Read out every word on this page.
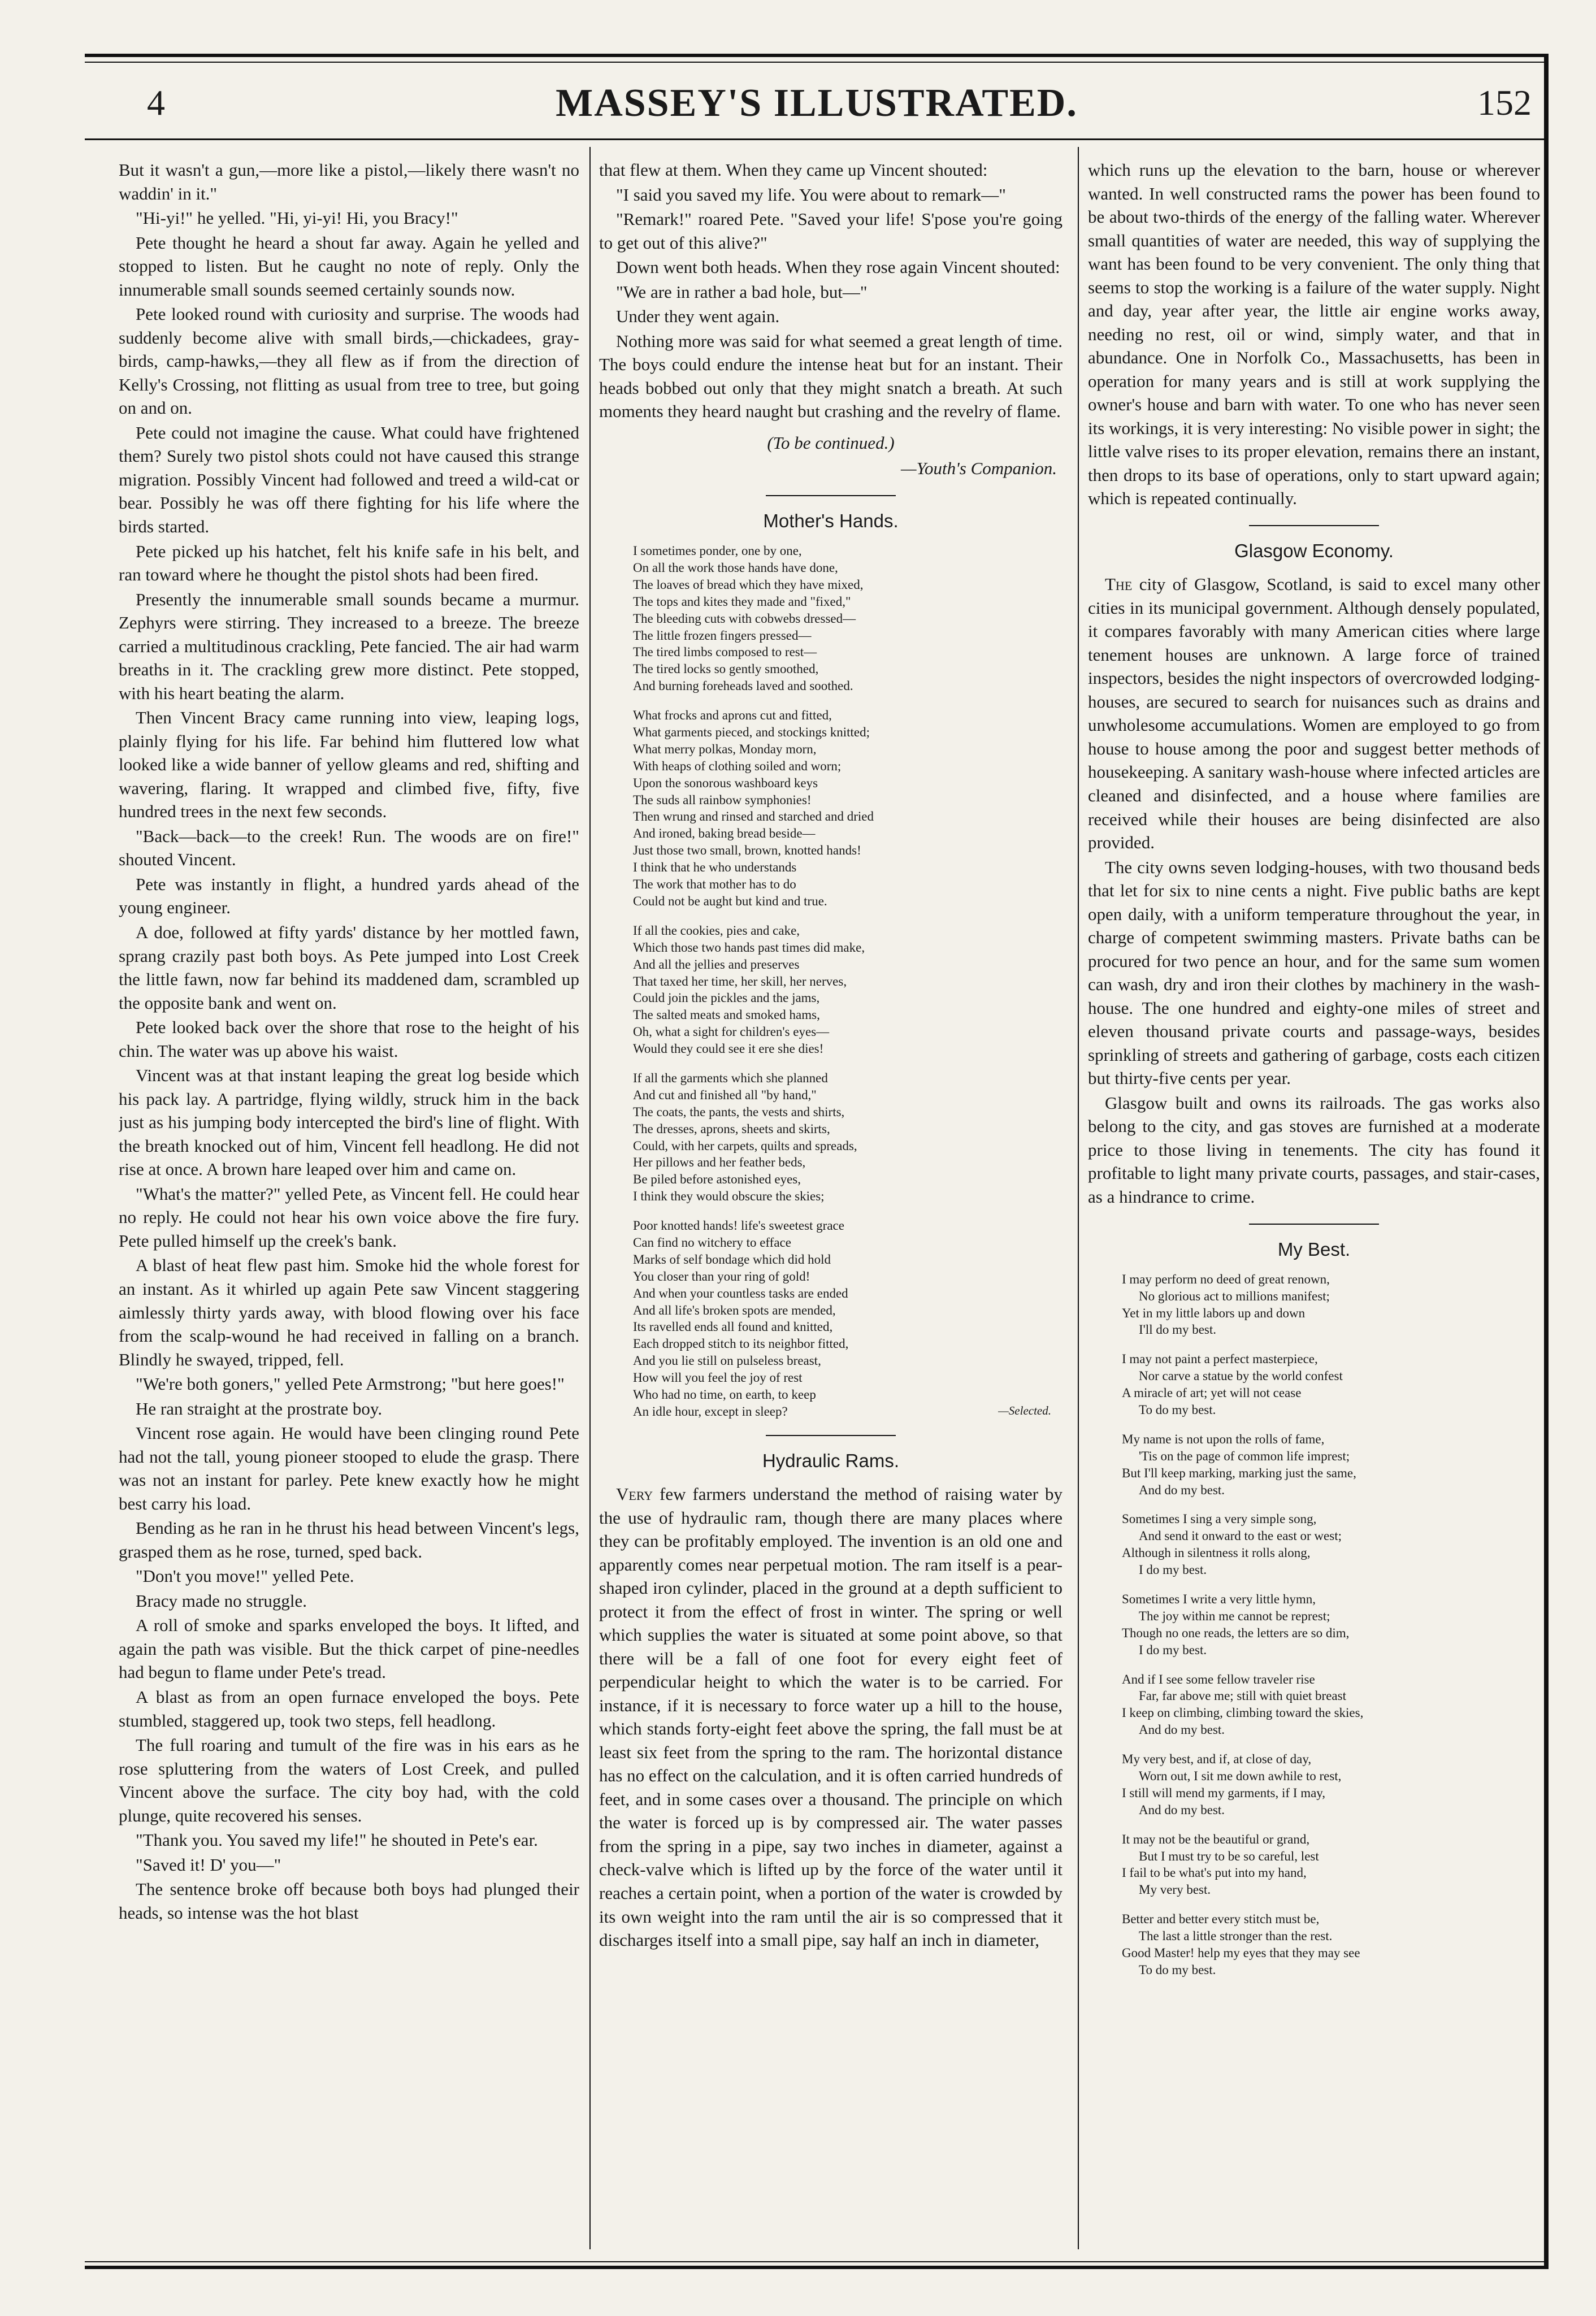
4	MASSEY'S ILLUSTRATED.	152

But it wasn't a gun,—more like a pistol,—likely there wasn't no waddin' in it."

"Hi-yi!" he yelled. "Hi, yi-yi! Hi, you Bracy!"

Pete thought he heard a shout far away. Again he yelled and stopped to listen. But he caught no note of reply. Only the innumerable small sounds seemed certainly sounds now.

Pete looked round with curiosity and surprise. The woods had suddenly become alive with small birds,—chickadees, gray-birds, camp-hawks,—they all flew as if from the direction of Kelly's Crossing, not flitting as usual from tree to tree, but going on and on.

Pete could not imagine the cause. What could have frightened them? Surely two pistol shots could not have caused this strange migration. Possibly Vincent had followed and treed a wild-cat or bear. Possibly he was off there fighting for his life where the birds started.

Pete picked up his hatchet, felt his knife safe in his belt, and ran toward where he thought the pistol shots had been fired.

Presently the innumerable small sounds became a murmur. Zephyrs were stirring. They increased to a breeze. The breeze carried a multitudinous crackling, Pete fancied. The air had warm breaths in it. The crackling grew more distinct. Pete stopped, with his heart beating the alarm.

Then Vincent Bracy came running into view, leaping logs, plainly flying for his life. Far behind him fluttered low what looked like a wide banner of yellow gleams and red, shifting and wavering, flaring. It wrapped and climbed five, fifty, five hundred trees in the next few seconds.

"Back—back—to the creek! Run. The woods are on fire!" shouted Vincent.

Pete was instantly in flight, a hundred yards ahead of the young engineer.

A doe, followed at fifty yards' distance by her mottled fawn, sprang crazily past both boys. As Pete jumped into Lost Creek the little fawn, now far behind its maddened dam, scrambled up the opposite bank and went on.

Pete looked back over the shore that rose to the height of his chin. The water was up above his waist.

Vincent was at that instant leaping the great log beside which his pack lay. A partridge, flying wildly, struck him in the back just as his jumping body intercepted the bird's line of flight. With the breath knocked out of him, Vincent fell headlong. He did not rise at once. A brown hare leaped over him and came on.

"What's the matter?" yelled Pete, as Vincent fell. He could hear no reply. He could not hear his own voice above the fire fury. Pete pulled himself up the creek's bank.

A blast of heat flew past him. Smoke hid the whole forest for an instant. As it whirled up again Pete saw Vincent staggering aimlessly thirty yards away, with blood flowing over his face from the scalp-wound he had received in falling on a branch. Blindly he swayed, tripped, fell.

"We're both goners," yelled Pete Armstrong; "but here goes!"

He ran straight at the prostrate boy.

Vincent rose again. He would have been clinging round Pete had not the tall, young pioneer stooped to elude the grasp. There was not an instant for parley. Pete knew exactly how he might best carry his load.

Bending as he ran in he thrust his head between Vincent's legs, grasped them as he rose, turned, sped back.

"Don't you move!" yelled Pete.

Bracy made no struggle.

A roll of smoke and sparks enveloped the boys. It lifted, and again the path was visible. But the thick carpet of pine-needles had begun to flame under Pete's tread.

A blast as from an open furnace enveloped the boys. Pete stumbled, staggered up, took two steps, fell headlong.

The full roaring and tumult of the fire was in his ears as he rose spluttering from the waters of Lost Creek, and pulled Vincent above the surface. The city boy had, with the cold plunge, quite recovered his senses.

"Thank you. You saved my life!" he shouted in Pete's ear.

"Saved it! D' you—"

The sentence broke off because both boys had plunged their heads, so intense was the hot blast

that flew at them. When they came up Vincent shouted:

"I said you saved my life. You were about to remark—"

"Remark!" roared Pete. "Saved your life! S'pose you're going to get out of this alive?"

Down went both heads. When they rose again Vincent shouted:

"We are in rather a bad hole, but—"

Under they went again.

Nothing more was said for what seemed a great length of time. The boys could endure the intense heat but for an instant. Their heads bobbed out only that they might snatch a breath. At such moments they heard naught but crashing and the revelry of flame.

(To be continued.)
—Youth's Companion.
Mother's Hands.
I sometimes ponder, one by one,
On all the work those hands have done,
The loaves of bread which they have mixed,
The tops and kites they made and "fixed,"
The bleeding cuts with cobwebs dressed—
The little frozen fingers pressed—
The tired limbs composed to rest—
The tired locks so gently smoothed,
And burning foreheads laved and soothed.
What frocks and aprons cut and fitted,
What garments pieced, and stockings knitted;
What merry polkas, Monday morn,
With heaps of clothing soiled and worn;
Upon the sonorous washboard keys
The suds all rainbow symphonies!
Then wrung and rinsed and starched and dried
And ironed, baking bread beside—
Just those two small, brown, knotted hands!
I think that he who understands
The work that mother has to do
Could not be aught but kind and true.
If all the cookies, pies and cake,
Which those two hands past times did make,
And all the jellies and preserves
That taxed her time, her skill, her nerves,
Could join the pickles and the jams,
The salted meats and smoked hams,
Oh, what a sight for children's eyes—
Would they could see it ere she dies!
If all the garments which she planned
And cut and finished all "by hand,"
The coats, the pants, the vests and shirts,
The dresses, aprons, sheets and skirts,
Could, with her carpets, quilts and spreads,
Her pillows and her feather beds,
Be piled before astonished eyes,
I think they would obscure the skies;
Poor knotted hands! life's sweetest grace
Can find no witchery to efface
Marks of self bondage which did hold
You closer than your ring of gold!
And when your countless tasks are ended
And all life's broken spots are mended,
Its ravelled ends all found and knitted,
Each dropped stitch to its neighbor fitted,
And you lie still on pulseless breast,
How will you feel the joy of rest
Who had no time, on earth, to keep
An idle hour, except in sleep?	—Selected.
Hydraulic Rams.

Very few farmers understand the method of raising water by the use of hydraulic ram, though there are many places where they can be profitably employed. The invention is an old one and apparently comes near perpetual motion. The ram itself is a pear-shaped iron cylinder, placed in the ground at a depth sufficient to protect it from the effect of frost in winter. The spring or well which supplies the water is situated at some point above, so that there will be a fall of one foot for every eight feet of perpendicular height to which the water is to be carried. For instance, if it is necessary to force water up a hill to the house, which stands forty-eight feet above the spring, the fall must be at least six feet from the spring to the ram. The horizontal distance has no effect on the calculation, and it is often carried hundreds of feet, and in some cases over a thousand. The principle on which the water is forced up is by compressed air. The water passes from the spring in a pipe, say two inches in diameter, against a check-valve which is lifted up by the force of the water until it reaches a certain point, when a portion of the water is crowded by its own weight into the ram until the air is so compressed that it discharges itself into a small pipe, say half an inch in diameter,

which runs up the elevation to the barn, house or wherever wanted. In well constructed rams the power has been found to be about two-thirds of the energy of the falling water. Wherever small quantities of water are needed, this way of supplying the want has been found to be very convenient. The only thing that seems to stop the working is a failure of the water supply. Night and day, year after year, the little air engine works away, needing no rest, oil or wind, simply water, and that in abundance. One in Norfolk Co., Massachusetts, has been in operation for many years and is still at work supplying the owner's house and barn with water. To one who has never seen its workings, it is very interesting: No visible power in sight; the little valve rises to its proper elevation, remains there an instant, then drops to its base of operations, only to start upward again; which is repeated continually.

Glasgow Economy.

The city of Glasgow, Scotland, is said to excel many other cities in its municipal government. Although densely populated, it compares favorably with many American cities where large tenement houses are unknown. A large force of trained inspectors, besides the night inspectors of overcrowded lodging-houses, are secured to search for nuisances such as drains and unwholesome accumulations. Women are employed to go from house to house among the poor and suggest better methods of housekeeping. A sanitary wash-house where infected articles are cleaned and disinfected, and a house where families are received while their houses are being disinfected are also provided.

The city owns seven lodging-houses, with two thousand beds that let for six to nine cents a night. Five public baths are kept open daily, with a uniform temperature throughout the year, in charge of competent swimming masters. Private baths can be procured for two pence an hour, and for the same sum women can wash, dry and iron their clothes by machinery in the wash-house. The one hundred and eighty-one miles of street and eleven thousand private courts and passage-ways, besides sprinkling of streets and gathering of garbage, costs each citizen but thirty-five cents per year.

Glasgow built and owns its railroads. The gas works also belong to the city, and gas stoves are furnished at a moderate price to those living in tenements. The city has found it profitable to light many private courts, passages, and stair-cases, as a hindrance to crime.

My Best.
I may perform no deed of great renown,
No glorious act to millions manifest;
Yet in my little labors up and down
I'll do my best.
I may not paint a perfect masterpiece,
Nor carve a statue by the world confest
A miracle of art; yet will not cease
To do my best.
My name is not upon the rolls of fame,
'Tis on the page of common life imprest;
But I'll keep marking, marking just the same,
And do my best.
Sometimes I sing a very simple song,
And send it onward to the east or west;
Although in silentness it rolls along,
I do my best.
Sometimes I write a very little hymn,
The joy within me cannot be represt;
Though no one reads, the letters are so dim,
I do my best.
And if I see some fellow traveler rise
Far, far above me; still with quiet breast
I keep on climbing, climbing toward the skies,
And do my best.
My very best, and if, at close of day,
Worn out, I sit me down awhile to rest,
I still will mend my garments, if I may,
And do my best.
It may not be the beautiful or grand,
But I must try to be so careful, lest
I fail to be what's put into my hand,
My very best.
Better and better every stitch must be,
The last a little stronger than the rest.
Good Master! help my eyes that they may see
To do my best.
